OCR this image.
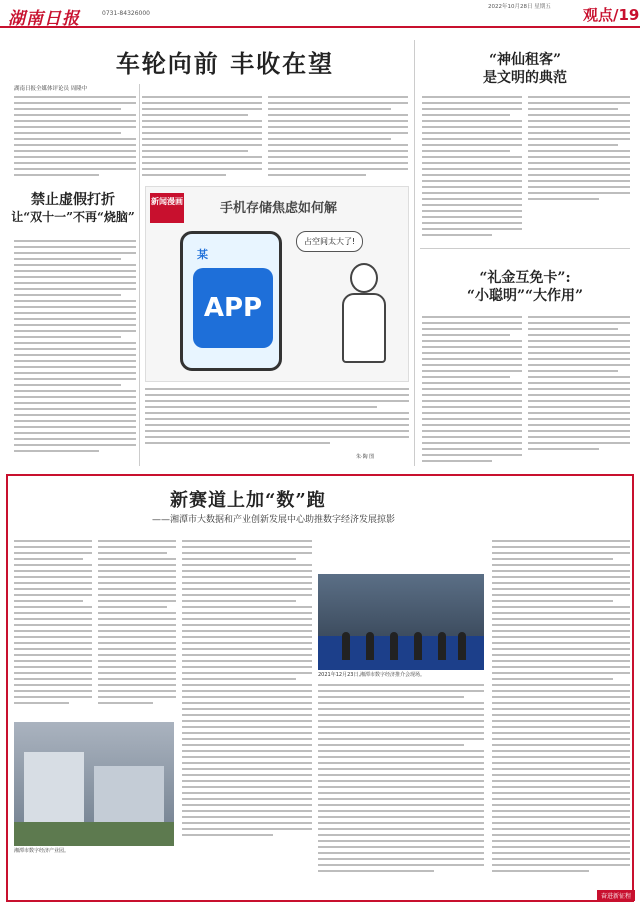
湖南日报	0731-84326000
2022年10月28日 星期五 观点/19
车轮向前 丰收在望
湖南日报全媒体评论员 周隆中
禁止虚假打折
让“双十一”不再“烧脑”
新闻漫画	手机存储焦虑如何解
某
APP
占空间太大了!
朱·陶 图
“神仙租客”
是文明的典范
“礼金互免卡”:
“小聪明”“大作用”
新赛道上加“数”跑
——湘潭市大数据和产业创新发展中心助推数字经济发展掠影
2021年12月23日,湘潭市数字经济推介会现场。
湘潭市数字经济产业园。
奋进新征程
